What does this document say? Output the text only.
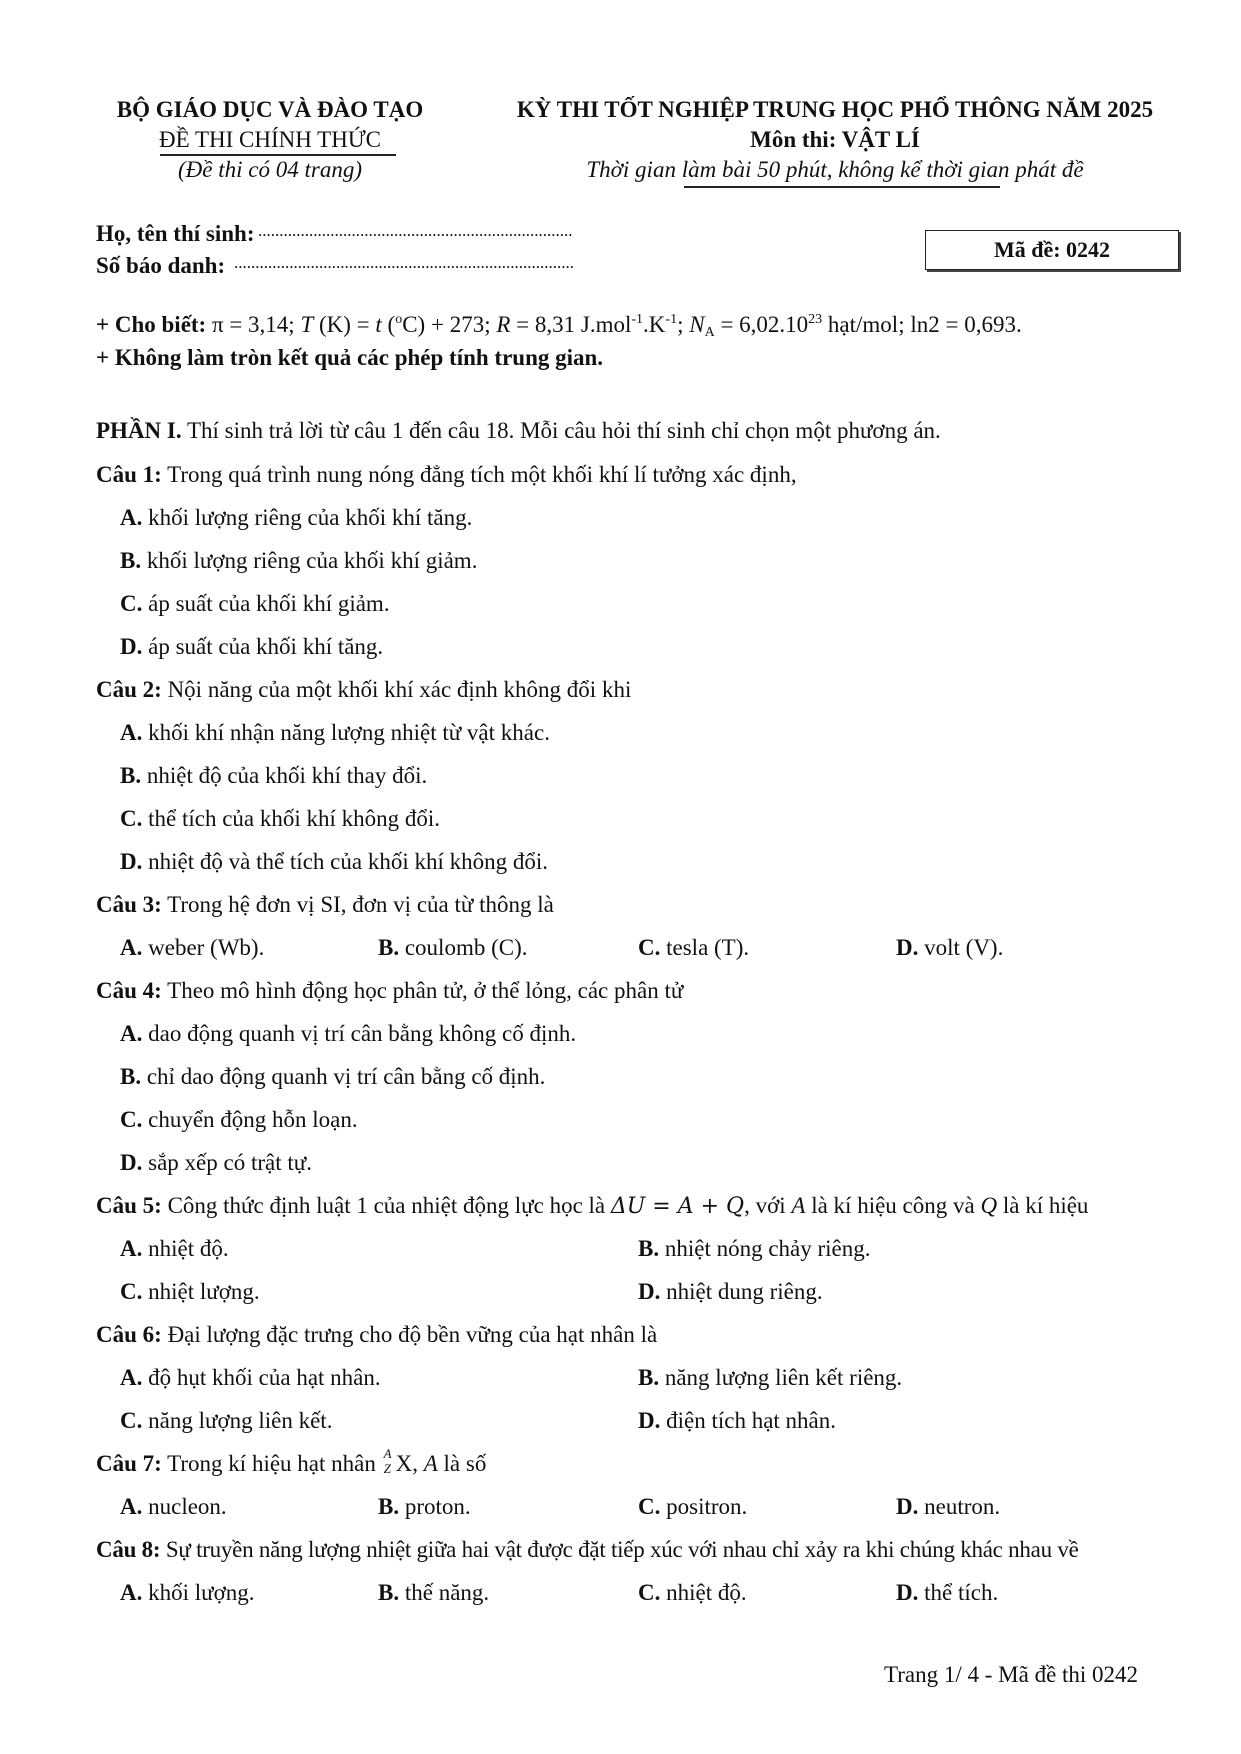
BỘ GIÁO DỤC VÀ ĐÀO TẠO
ĐỀ THI CHÍNH THỨC
(Đề thi có 04 trang)
KỲ THI TỐT NGHIỆP TRUNG HỌC PHỔ THÔNG NĂM 2025
Môn thi: VẬT LÍ
Thời gian làm bài 50 phút, không kể thời gian phát đề
Họ, tên thí sinh: ..........................................................................
Số báo danh: ................................................................................
Mã đề: 0242
+ Cho biết: π = 3,14; T (K) = t ($^o$C) + 273; R = 8,31 $J.mol^{-1}.K^{-1}$; $N_A = 6,02.10^{23}$ hạt/mol; ln2 = 0,693.
+ Không làm tròn kết quả các phép tính trung gian.
PHẦN I. Thí sinh trả lời từ câu 1 đến câu 18. Mỗi câu hỏi thí sinh chỉ chọn một phương án.
Câu 1: Trong quá trình nung nóng đẳng tích một khối khí lí tưởng xác định,
A. khối lượng riêng của khối khí tăng.
B. khối lượng riêng của khối khí giảm.
C. áp suất của khối khí giảm.
D. áp suất của khối khí tăng.
Câu 2: Nội năng của một khối khí xác định không đổi khi
A. khối khí nhận năng lượng nhiệt từ vật khác.
B. nhiệt độ của khối khí thay đổi.
C. thể tích của khối khí không đổi.
D. nhiệt độ và thể tích của khối khí không đổi.
Câu 3: Trong hệ đơn vị SI, đơn vị của từ thông là
A. weber (Wb).	B. coulomb (C).	C. tesla (T).	D. volt (V).
Câu 4: Theo mô hình động học phân tử, ở thể lỏng, các phân tử
A. dao động quanh vị trí cân bằng không cố định.
B. chỉ dao động quanh vị trí cân bằng cố định.
C. chuyển động hỗn loạn.
D. sắp xếp có trật tự.
Câu 5: Công thức định luật 1 của nhiệt động lực học là ΔU = A + Q, với A là kí hiệu công và Q là kí hiệu
A. nhiệt độ.	B. nhiệt nóng chảy riêng.
C. nhiệt lượng.	D. nhiệt dung riêng.
Câu 6: Đại lượng đặc trưng cho độ bền vững của hạt nhân là
A. độ hụt khối của hạt nhân.	B. năng lượng liên kết riêng.
C. năng lượng liên kết.	D. điện tích hạt nhân.
Câu 7: Trong kí hiệu hạt nhân A
Z X, A là số
A. nucleon.	B. proton.	C. positron.	D. neutron.
Câu 8: Sự truyền năng lượng nhiệt giữa hai vật được đặt tiếp xúc với nhau chỉ xảy ra khi chúng khác nhau về
A. khối lượng.	B. thế năng.	C. nhiệt độ.	D. thể tích.
Trang 1/ 4 - Mã đề thi 0242
